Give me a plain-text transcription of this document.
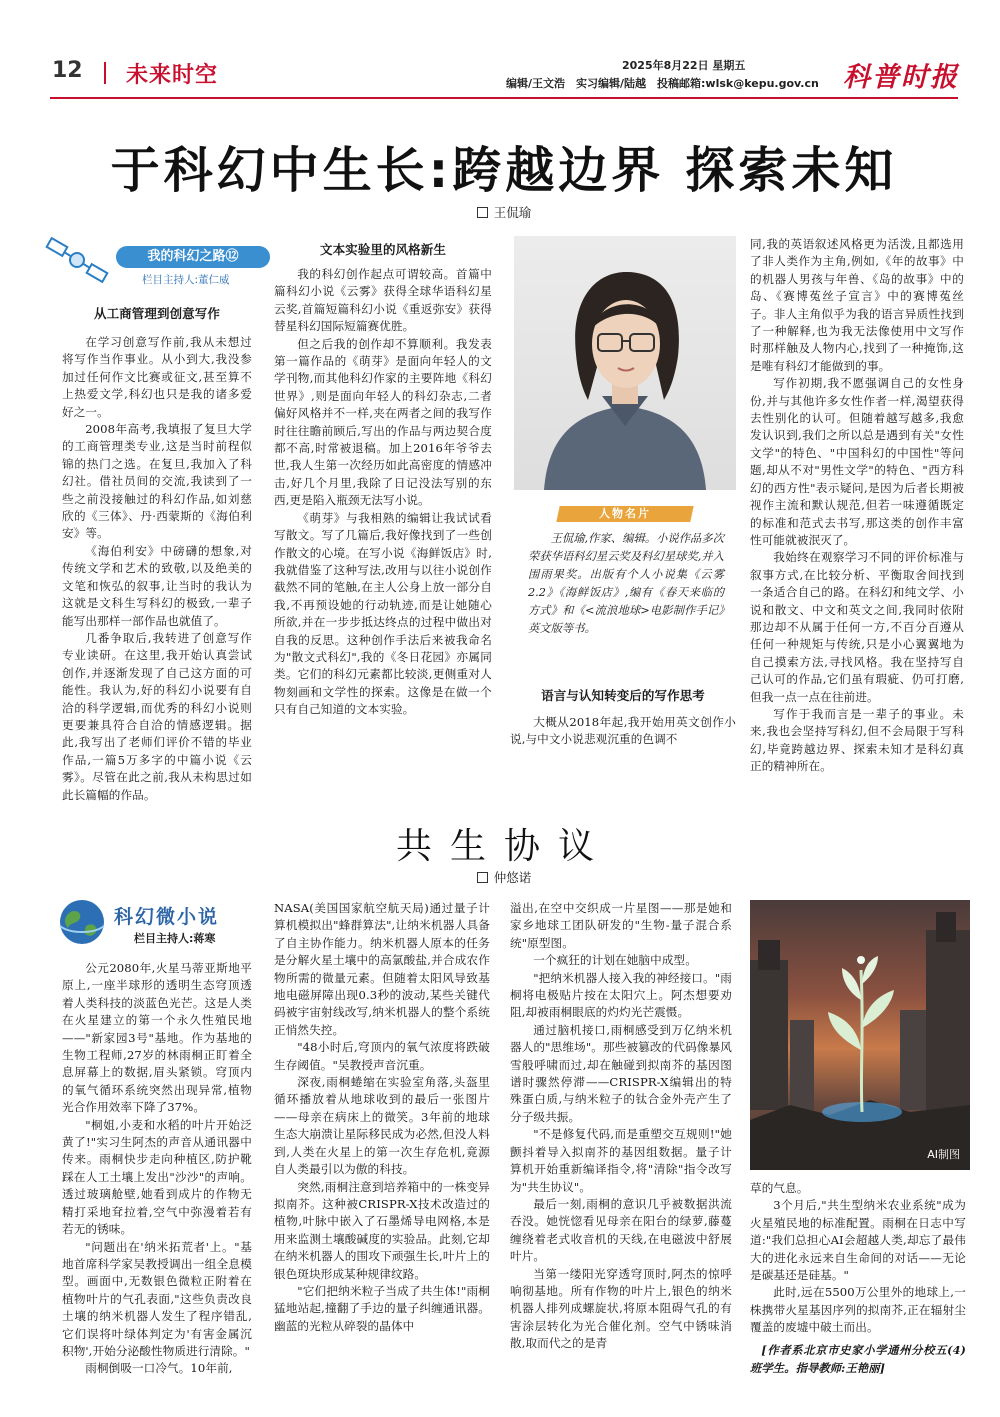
12 未来时空	2025年8月22日 星期五
编辑/王文浩　实习编辑/陆越　投稿邮箱:wlsk@kepu.gov.cn 科普时报
于科幻中生长:跨越边界 探索未知
王侃瑜
我的科幻之路⑫
栏目主持人:董仁威
从工商管理到创意写作

在学习创意写作前,我从未想过将写作当作事业。从小到大,我没参加过任何作文比赛或征文,甚至算不上热爱文学,科幻也只是我的诸多爱好之一。

2008年高考,我填报了复旦大学的工商管理类专业,这是当时前程似锦的热门之选。在复旦,我加入了科幻社。借社员间的交流,我读到了一些之前没接触过的科幻作品,如刘慈欣的《三体》、丹·西蒙斯的《海伯利安》等。

《海伯利安》中磅礴的想象,对传统文学和艺术的致敬,以及绝美的文笔和恢弘的叙事,让当时的我认为这就是文科生写科幻的极致,一辈子能写出那样一部作品也就值了。

几番争取后,我转进了创意写作专业读研。在这里,我开始认真尝试创作,并逐渐发现了自己这方面的可能性。我认为,好的科幻小说要有自洽的科学逻辑,而优秀的科幻小说则更要兼具符合自洽的情感逻辑。据此,我写出了老师们评价不错的毕业作品,一篇5万多字的中篇小说《云雾》。尽管在此之前,我从未构思过如此长篇幅的作品。

文本实验里的风格新生

我的科幻创作起点可谓较高。首篇中篇科幻小说《云雾》获得全球华语科幻星云奖,首篇短篇科幻小说《重返弥安》获得替星科幻国际短篇赛优胜。

但之后我的创作却不算顺利。我发表第一篇作品的《萌芽》是面向年轻人的文学刊物,而其他科幻作家的主要阵地《科幻世界》,则是面向年轻人的科幻杂志,二者偏好风格并不一样,夹在两者之间的我写作时往往瞻前顾后,写出的作品与两边契合度都不高,时常被退稿。加上2016年爷爷去世,我人生第一次经历如此高密度的情感冲击,好几个月里,我除了日记没法写别的东西,更是陷入瓶颈无法写小说。

《萌芽》与我相熟的编辑让我试试看写散文。写了几篇后,我好像找到了一些创作散文的心境。在写小说《海鲜饭店》时,我就借鉴了这种写法,改用与以往小说创作截然不同的笔触,在主人公身上放一部分自我,不再预设她的行动轨迹,而是让她随心所欲,并在一步步抵达终点的过程中做出对自我的反思。这种创作手法后来被我命名为"散文式科幻",我的《冬日花园》亦属同类。它们的科幻元素都比较淡,更侧重对人物刻画和文学性的探索。这像是在做一个只有自己知道的文本实验。

人物名片
王侃瑜,作家、编辑。小说作品多次荣获华语科幻星云奖及科幻星球奖,并入围雨果奖。出版有个人小说集《云雾2.2》《海鲜饭店》,编有《春天来临的方式》和《<流浪地球>电影制作手记》英文版等书。
语言与认知转变后的写作思考

大概从2018年起,我开始用英文创作小说,与中文小说悲观沉重的色调不

同,我的英语叙述风格更为活泼,且都选用了非人类作为主角,例如,《年的故事》中的机器人男孩与年兽、《岛的故事》中的岛、《赛博菟丝子宣言》中的赛博菟丝子。非人主角似乎为我的语言异质性找到了一种解释,也为我无法像使用中文写作时那样触及人物内心,找到了一种掩饰,这是唯有科幻才能做到的事。

写作初期,我不愿强调自己的女性身份,并与其他许多女性作者一样,渴望获得去性别化的认可。但随着越写越多,我愈发认识到,我们之所以总是遇到有关"女性文学"的特色、"中国科幻的中国性"等问题,却从不对"男性文学"的特色、"西方科幻的西方性"表示疑问,是因为后者长期被视作主流和默认规范,但若一味遵循既定的标准和范式去书写,那这类的创作丰富性可能就被泯灭了。

我始终在观察学习不同的评价标准与叙事方式,在比较分析、平衡取舍间找到一条适合自己的路。在科幻和纯文学、小说和散文、中文和英文之间,我同时依附那边却不从属于任何一方,不百分百遵从任何一种规矩与传统,只是小心翼翼地为自己摸索方法,寻找风格。我在坚持写自己认可的作品,它们虽有瑕疵、仍可打磨,但我一点一点在往前进。

写作于我而言是一辈子的事业。未来,我也会坚持写科幻,但不会局限于写科幻,毕竟跨越边界、探索未知才是科幻真正的精神所在。

共生协议
仲悠诺
科幻微小说
栏目主持人:蒋寒

公元2080年,火星马蒂亚斯地平原上,一座半球形的透明生态穹顶透着人类科技的淡蓝色光芒。这是人类在火星建立的第一个永久性殖民地——"新家园3号"基地。作为基地的生物工程师,27岁的林雨桐正盯着全息屏幕上的数据,眉头紧锁。穹顶内的氧气循环系统突然出现异常,植物光合作用效率下降了37%。

"桐姐,小麦和水稻的叶片开始泛黄了!"实习生阿杰的声音从通讯器中传来。雨桐快步走向种植区,防护靴踩在人工土壤上发出"沙沙"的声响。透过玻璃舱壁,她看到成片的作物无精打采地耷拉着,空气中弥漫着若有若无的锈味。

"问题出在'纳米拓荒者'上。"基地首席科学家吴教授调出一组全息模型。画面中,无数银色微粒正附着在植物叶片的气孔表面,"这些负责改良土壤的纳米机器人发生了程序错乱,它们误将叶绿体判定为'有害金属沉积物',开始分泌酸性物质进行清除。"

雨桐倒吸一口冷气。10年前,

NASA(美国国家航空航天局)通过量子计算机模拟出"蜂群算法",让纳米机器人具备了自主协作能力。纳米机器人原本的任务是分解火星土壤中的高氯酸盐,并合成农作物所需的微量元素。但随着太阳风导致基地电磁屏障出现0.3秒的波动,某些关键代码被宇宙射线改写,纳米机器人的整个系统正悄然失控。

"48小时后,穹顶内的氧气浓度将跌破生存阈值。"吴教授声音沉重。

深夜,雨桐蜷缩在实验室角落,头盔里循环播放着从地球收到的最后一张图片——母亲在病床上的微笑。3年前的地球生态大崩溃让星际移民成为必然,但没人料到,人类在火星上的第一次生存危机,竟源自人类最引以为傲的科技。

突然,雨桐注意到培养箱中的一株变异拟南芥。这种被CRISPR-X技术改造过的植物,叶脉中嵌入了石墨烯导电网格,本是用来监测土壤酸碱度的实验品。此刻,它却在纳米机器人的围攻下顽强生长,叶片上的银色斑块形成某种规律纹路。

"它们把纳米粒子当成了共生体!"雨桐猛地站起,撞翻了手边的量子纠缠通讯器。幽蓝的光粒从碎裂的晶体中

溢出,在空中交织成一片星图——那是她和家乡地球工团队研发的"生物-量子混合系统"原型图。

一个疯狂的计划在她脑中成型。

"把纳米机器人接入我的神经接口。"雨桐将电极贴片按在太阳穴上。阿杰想要劝阻,却被雨桐眼底的灼灼光芒震慑。

通过脑机接口,雨桐感受到万亿纳米机器人的"思维场"。那些被篡改的代码像暴风雪般呼啸而过,却在触碰到拟南芥的基因图谱时骤然停滞——CRISPR-X编辑出的特殊蛋白质,与纳米粒子的钛合金外壳产生了分子级共振。

"不是修复代码,而是重塑交互规则!"她颤抖着导入拟南芥的基因组数据。量子计算机开始重新编译指令,将"清除"指令改写为"共生协议"。

最后一刻,雨桐的意识几乎被数据洪流吞没。她恍惚看见母亲在阳台的绿萝,藤蔓缠绕着老式收音机的天线,在电磁波中舒展叶片。

当第一缕阳光穿透穹顶时,阿杰的惊呼响彻基地。所有作物的叶片上,银色的纳米机器人排列成螺旋状,将原本阻碍气孔的有害涂层转化为光合催化剂。空气中锈味消散,取而代之的是青

AI制图

草的气息。

3个月后,"共生型纳米农业系统"成为火星殖民地的标准配置。雨桐在日志中写道:"我们总担心AI会超越人类,却忘了最伟大的进化永远来自生命间的对话——无论是碳基还是硅基。"

此时,远在5500万公里外的地球上,一株携带火星基因序列的拟南芥,正在辐射尘覆盖的废墟中破土而出。

[作者系北京市史家小学通州分校五(4)班学生。指导教师:王艳丽]
